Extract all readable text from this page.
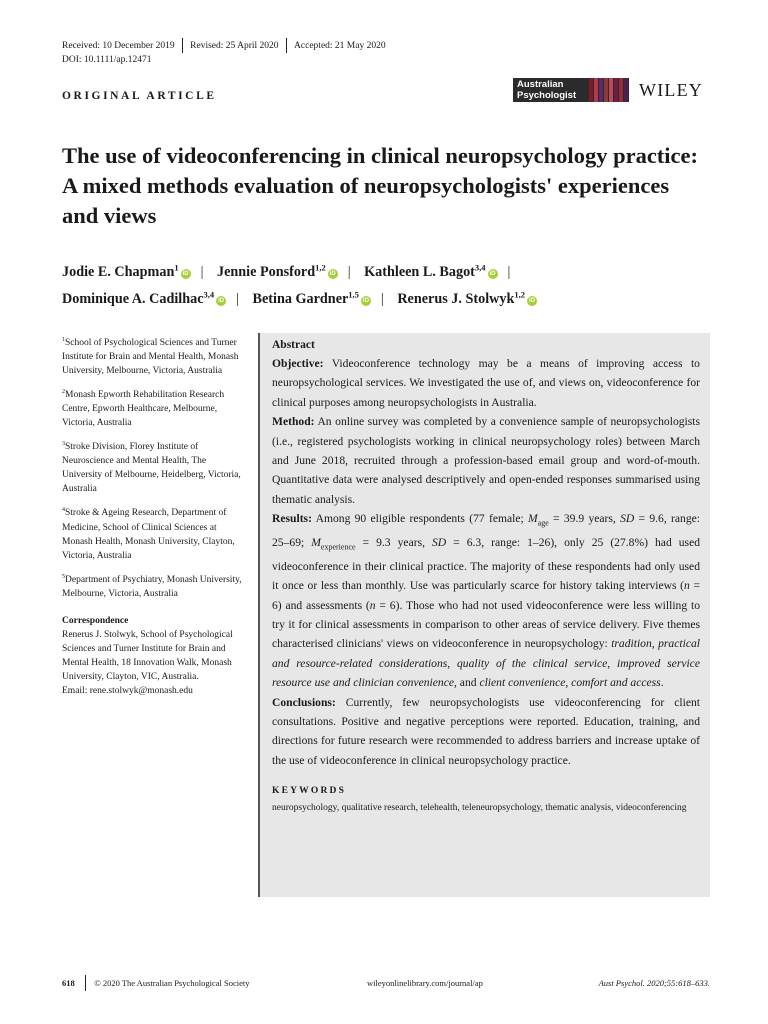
Received: 10 December 2019 Revised: 25 April 2020 Accepted: 21 May 2020
DOI: 10.1111/ap.12471
ORIGINAL ARTICLE
Australian
Psychologist	WILEY
The use of videoconferencing in clinical neuropsychology practice: A mixed methods evaluation of neuropsychologists' experiences and views
Jodie E. Chapman$^1$iD | Jennie Ponsford$^{1,2}$iD | Kathleen L. Bagot$^{3,4}$iD |
Dominique A. Cadilhac$^{3,4}$iD | Betina Gardner$^{1,5}$iD | Renerus J. Stolwyk$^{1,2}$iD

$^1$School of Psychological Sciences and Turner Institute for Brain and Mental Health, Monash University, Melbourne, Victoria, Australia

$^2$Monash Epworth Rehabilitation Research Centre, Epworth Healthcare, Melbourne, Victoria, Australia

$^3$Stroke Division, Florey Institute of Neuroscience and Mental Health, The University of Melbourne, Heidelberg, Victoria, Australia

$^4$Stroke & Ageing Research, Department of Medicine, School of Clinical Sciences at Monash Health, Monash University, Clayton, Victoria, Australia

$^5$Department of Psychiatry, Monash University, Melbourne, Victoria, Australia

Correspondence

Renerus J. Stolwyk, School of Psychological Sciences and Turner Institute for Brain and Mental Health, 18 Innovation Walk, Monash University, Clayton, VIC, Australia.
Email: rene.stolwyk@monash.edu

Abstract

Objective: Videoconference technology may be a means of improving access to neuropsychological services. We investigated the use of, and views on, videoconference for clinical purposes among neuropsychologists in Australia.
Method: An online survey was completed by a convenience sample of neuropsychologists (i.e., registered psychologists working in clinical neuropsychology roles) between March and June 2018, recruited through a profession-based email group and word-of-mouth. Quantitative data were analysed descriptively and open-ended responses summarised using thematic analysis.
Results: Among 90 eligible respondents (77 female; $M_{age} = 39.9$ years, SD = 9.6, range: 25–69; $M_{experience} = 9.3$ years, SD = 6.3, range: 1–26), only 25 (27.8%) had used videoconference in their clinical practice. The majority of these respondents had only used it once or less than monthly. Use was particularly scarce for history taking interviews (n = 6) and assessments (n = 6). Those who had not used videoconference were less willing to try it for clinical assessments in comparison to other areas of service delivery. Five themes characterised clinicians' views on videoconference in neuropsychology: tradition, practical and resource-related considerations, quality of the clinical service, improved service resource use and clinician convenience, and client convenience, comfort and access.
Conclusions: Currently, few neuropsychologists use videoconferencing for client consultations. Positive and negative perceptions were reported. Education, training, and directions for future research were recommended to address barriers and increase uptake of the use of videoconference in clinical neuropsychology practice.

KEYWORDS

neuropsychology, qualitative research, telehealth, teleneuropsychology, thematic analysis, videoconferencing

618 © 2020 The Australian Psychological Society	wileyonlinelibrary.com/journal/ap	Aust Psychol. 2020;55:618–633.
